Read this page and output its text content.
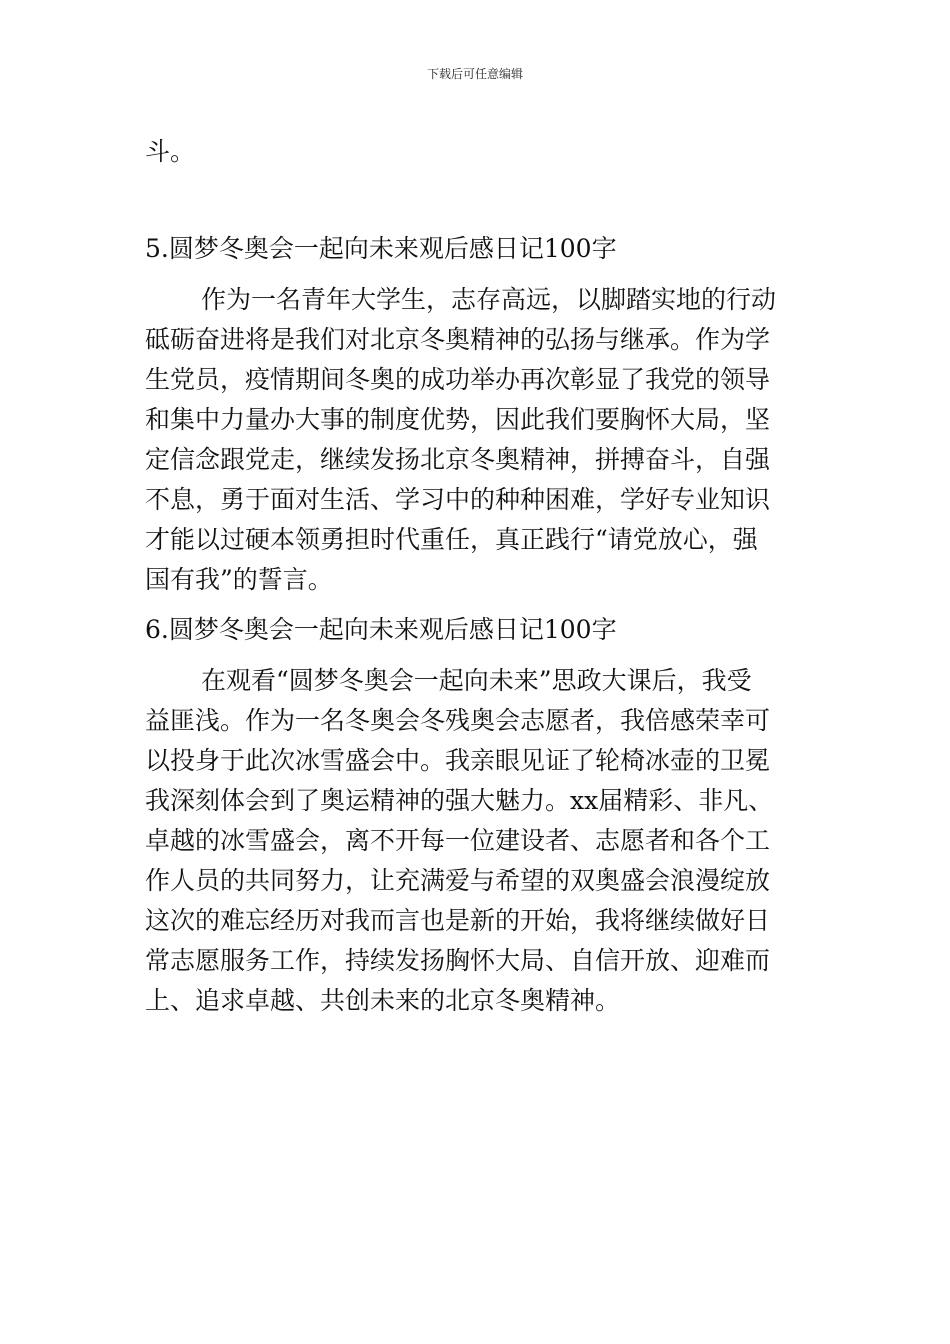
下载后可任意编辑
斗。
5.圆梦冬奥会一起向未来观后感日记100字
作为一名青年大学生，志存高远，以脚踏实地的行动
砥砺奋进将是我们对北京冬奥精神的弘扬与继承。作为学
生党员，疫情期间冬奥的成功举办再次彰显了我党的领导
和集中力量办大事的制度优势，因此我们要胸怀大局，坚
定信念跟党走，继续发扬北京冬奥精神，拼搏奋斗，自强
不息，勇于面对生活、学习中的种种困难，学好专业知识
才能以过硬本领勇担时代重任，真正践行“请党放心，强
国有我”的誓言。
6.圆梦冬奥会一起向未来观后感日记100字
在观看“圆梦冬奥会一起向未来”思政大课后，我受
益匪浅。作为一名冬奥会冬残奥会志愿者，我倍感荣幸可
以投身于此次冰雪盛会中。我亲眼见证了轮椅冰壶的卫冕
我深刻体会到了奥运精神的强大魅力。xx届精彩、非凡、
卓越的冰雪盛会，离不开每一位建设者、志愿者和各个工
作人员的共同努力，让充满爱与希望的双奥盛会浪漫绽放
这次的难忘经历对我而言也是新的开始，我将继续做好日
常志愿服务工作，持续发扬胸怀大局、自信开放、迎难而
上、追求卓越、共创未来的北京冬奥精神。
